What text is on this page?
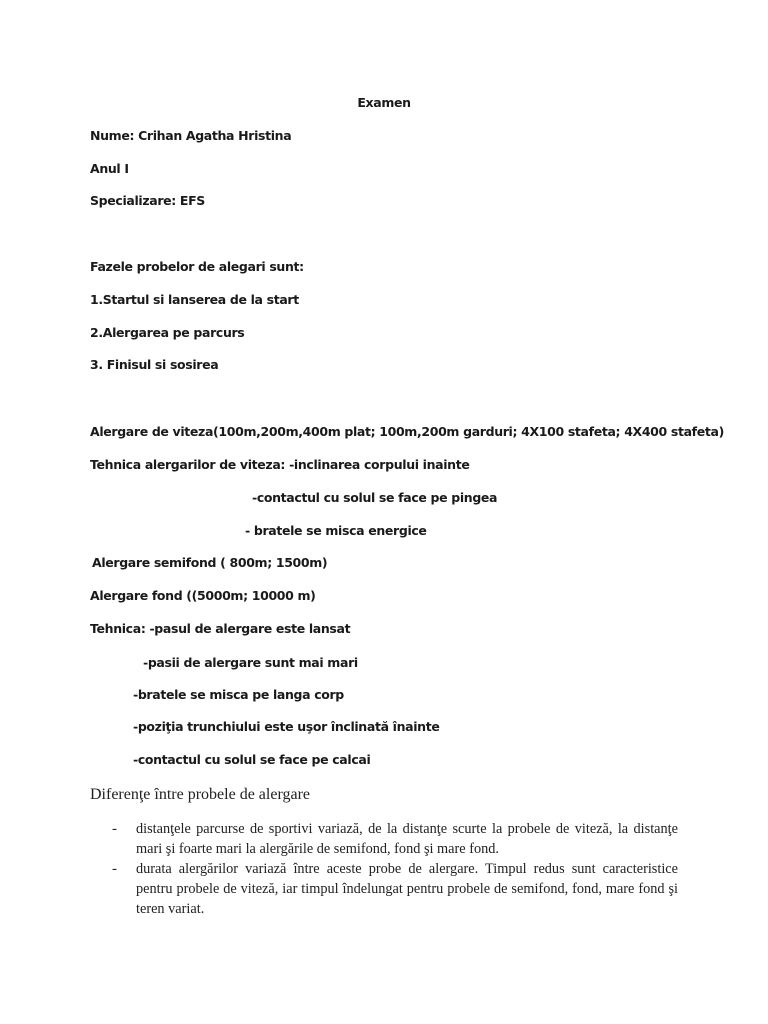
Examen
Nume: Crihan Agatha Hristina
Anul I
Specializare: EFS
Fazele probelor de alegari sunt:
1.Startul si lanserea de la start
2.Alergarea pe parcurs
3. Finisul si sosirea
Alergare de viteza(100m,200m,400m plat; 100m,200m garduri; 4X100 stafeta; 4X400 stafeta)
Tehnica alergarilor de viteza: -inclinarea corpului inainte
-contactul cu solul se face pe pingea
- bratele se misca energice
Alergare semifond ( 800m; 1500m)
Alergare fond ((5000m; 10000 m)
Tehnica: -pasul de alergare este lansat
-pasii de alergare sunt mai mari
-bratele se misca pe langa corp
-poziţia trunchiului este uşor înclinată înainte
-contactul cu solul se face pe calcai
Diferenţe între probele de alergare
- distanţele parcurse de sportivi variază, de la distanţe scurte la probele de viteză, la distanţe mari şi foarte mari la alergările de semifond, fond şi mare fond.
- durata alergărilor variază între aceste probe de alergare. Timpul redus sunt caracteristice pentru probele de viteză, iar timpul îndelungat pentru probele de semifond, fond, mare fond şi teren variat.
